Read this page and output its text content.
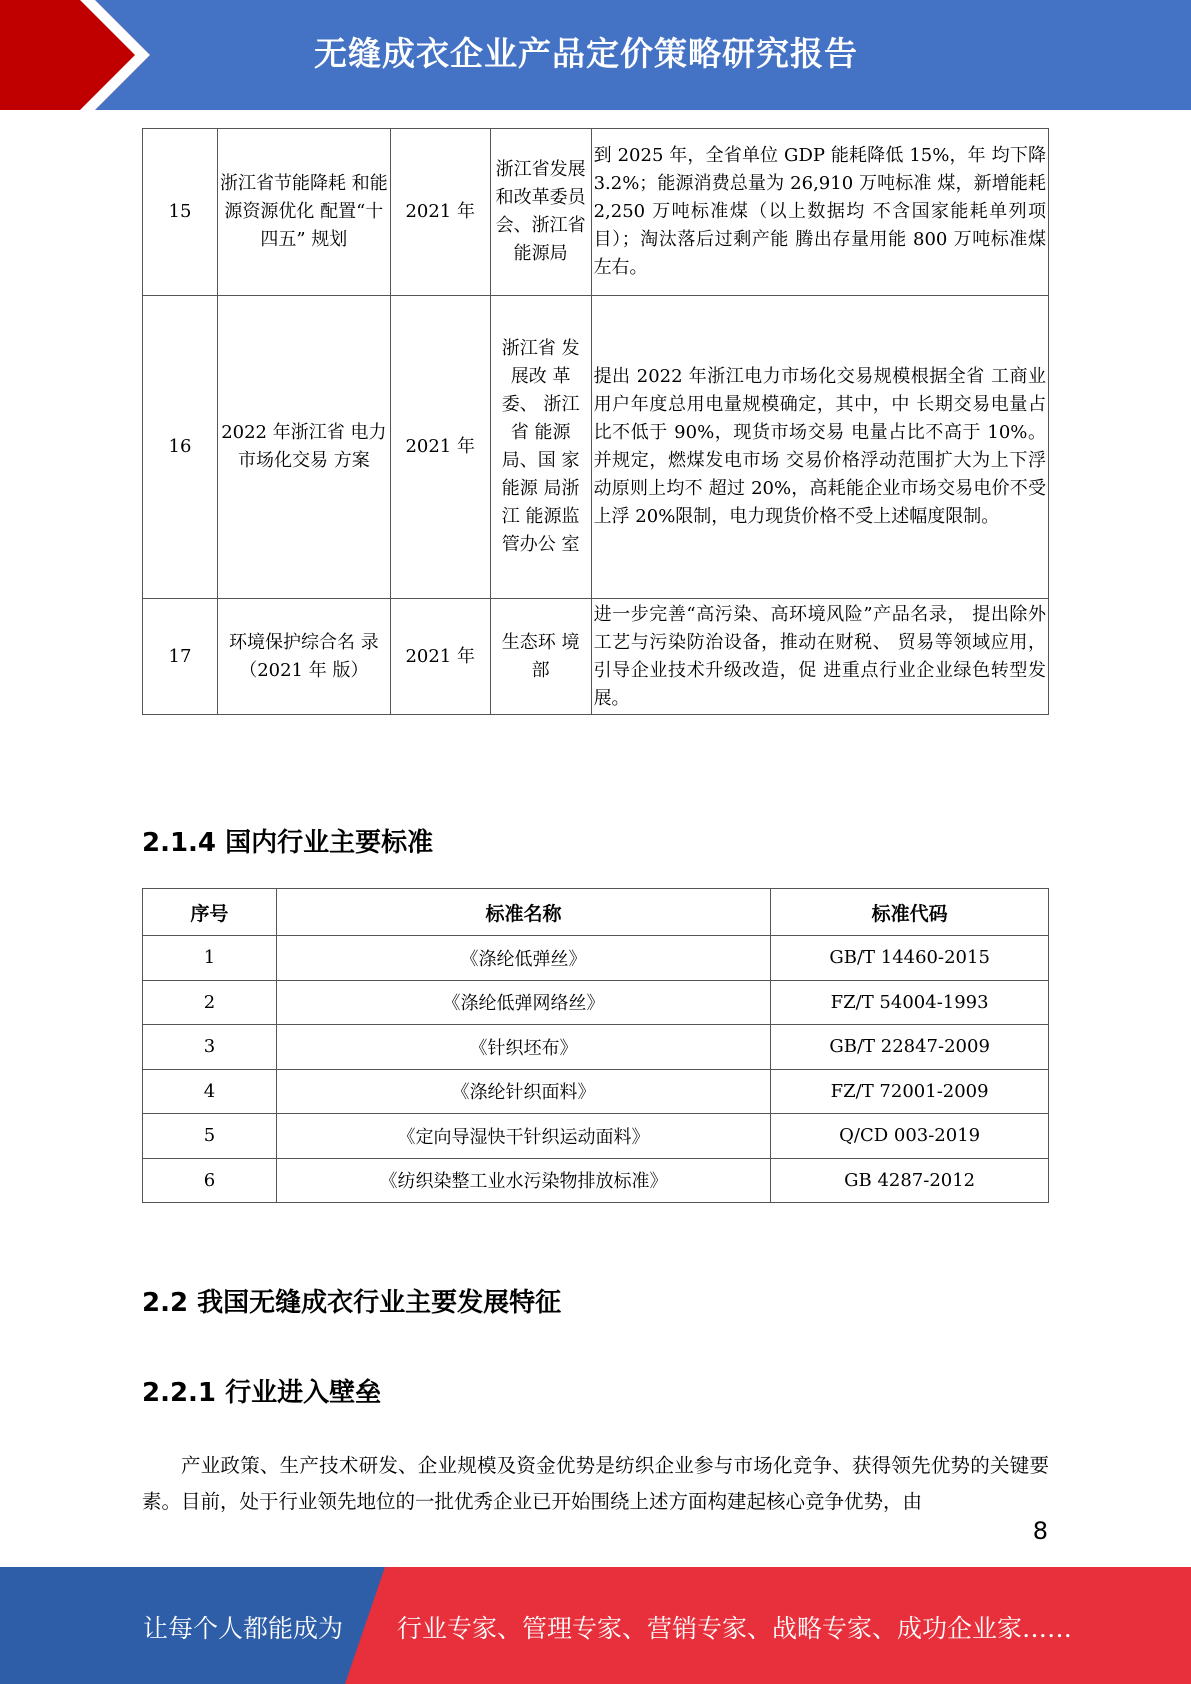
无缝成衣企业产品定价策略研究报告
15	浙江省节能降耗 和能源资源优化 配置“十四五” 规划	2021 年	浙江省发展和改革委员会、浙江省能源局	到 2025 年，全省单位 GDP 能耗降低 15%，年 均下降 3.2%；能源消费总量为 26,910 万吨标准 煤，新增能耗 2,250 万吨标准煤（以上数据均 不含国家能耗单列项目）；淘汰落后过剩产能 腾出存量用能 800 万吨标准煤左右。
16	2022 年浙江省 电力市场化交易 方案	2021 年	浙江省 发展改 革委、 浙江省 能源局、国 家能源 局浙江 能源监管办公 室	提出 2022 年浙江电力市场化交易规模根据全省 工商业用户年度总用电量规模确定，其中，中 长期交易电量占比不低于 90%，现货市场交易 电量占比不高于 10%。并规定，燃煤发电市场 交易价格浮动范围扩大为上下浮动原则上均不 超过 20%，高耗能企业市场交易电价不受上浮 20%限制，电力现货价格不受上述幅度限制。
17	环境保护综合名 录（2021 年 版）	2021 年	生态环 境部	进一步完善“高污染、高环境风险”产品名录， 提出除外工艺与污染防治设备，推动在财税、 贸易等领域应用，引导企业技术升级改造，促 进重点行业企业绿色转型发展。
2.1.4 国内行业主要标准
序号	标准名称	标准代码
1	《涤纶低弹丝》	GB/T 14460-2015
2	《涤纶低弹网络丝》	FZ/T 54004-1993
3	《针织坯布》	GB/T 22847-2009
4	《涤纶针织面料》	FZ/T 72001-2009
5	《定向导湿快干针织运动面料》	Q/CD 003-2019
6	《纺织染整工业水污染物排放标准》	GB 4287-2012
2.2 我国无缝成衣行业主要发展特征
2.2.1 行业进入壁垒

产业政策、生产技术研发、企业规模及资金优势是纺织企业参与市场化竞争、获得领先优势的关键要素。目前，处于行业领先地位的一批优秀企业已开始围绕上述方面构建起核心竞争优势，由

8
让每个人都能成为 行业专家、管理专家、营销专家、战略专家、成功企业家……
